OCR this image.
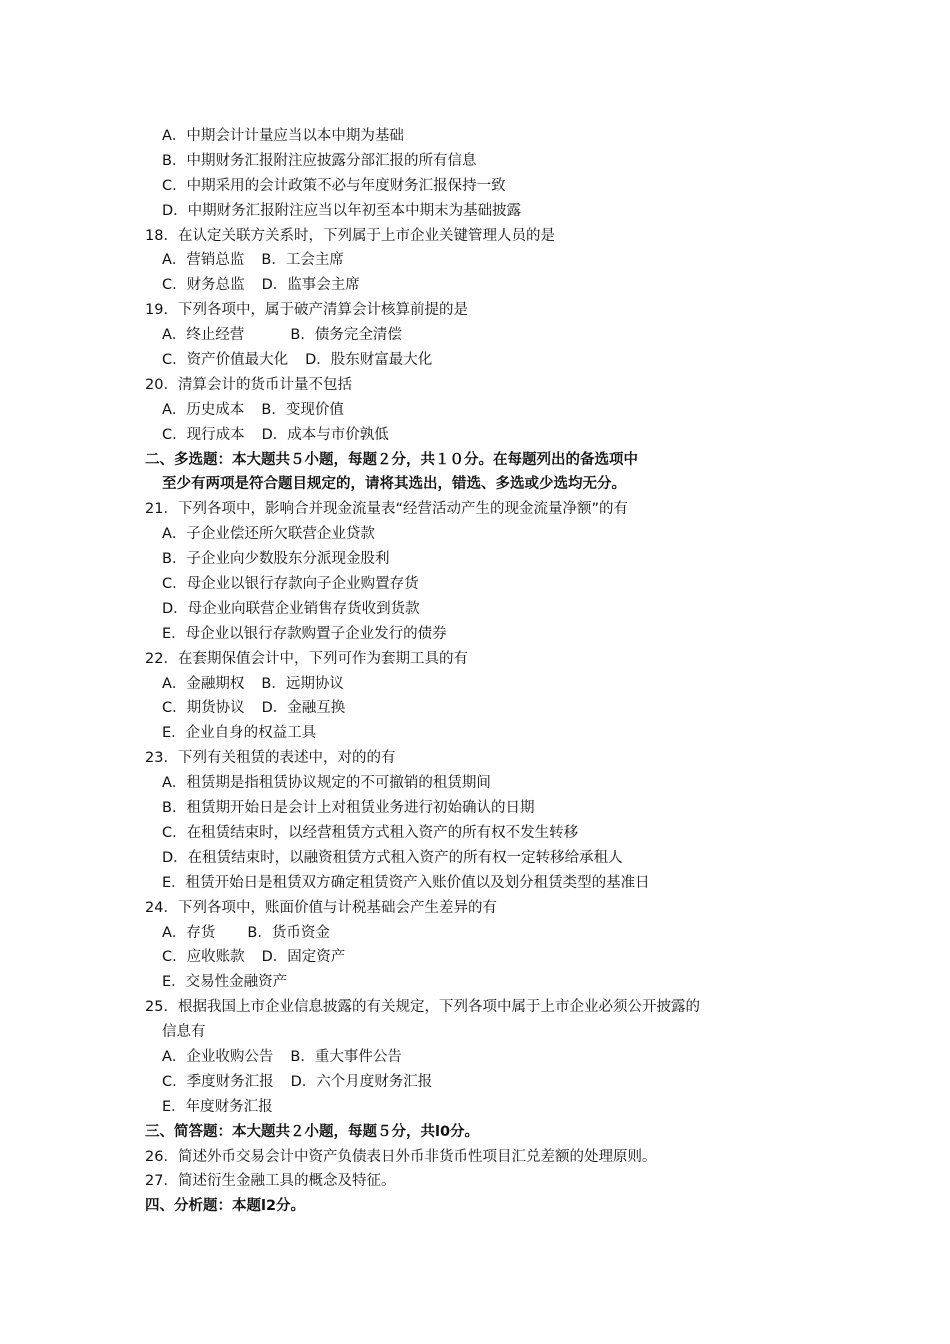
A．中期会计计量应当以本中期为基础
B．中期财务汇报附注应披露分部汇报的所有信息
C．中期采用的会计政策不必与年度财务汇报保持一致
D．中期财务汇报附注应当以年初至本中期末为基础披露
18．在认定关联方关系时，下列属于上市企业关键管理人员的是
A．营销总监 B．工会主席
C．财务总监 D．监事会主席
19．下列各项中，属于破产清算会计核算前提的是
A．终止经营	B．债务完全清偿
C．资产价值最大化 D．股东财富最大化
20．清算会计的货币计量不包括
A．历史成本 B．变现价值
C．现行成本 D．成本与市价孰低
二、多选题：本大题共５小题，每题２分，共１０分。在每题列出的备选项中
至少有两项是符合题目规定的，请将其选出，错选、多选或少选均无分。
21．下列各项中，影响合并现金流量表“经营活动产生的现金流量净额”的有
A．子企业偿还所欠联营企业贷款
B．子企业向少数股东分派现金股利
C．母企业以银行存款向子企业购置存货
D．母企业向联营企业销售存货收到货款
E．母企业以银行存款购置子企业发行的债券
22．在套期保值会计中，下列可作为套期工具的有
A．金融期权 B．远期协议
C．期货协议 D．金融互换
E．企业自身的权益工具
23．下列有关租赁的表述中，对的的有
A．租赁期是指租赁协议规定的不可撤销的租赁期间
B．租赁期开始日是会计上对租赁业务进行初始确认的日期
C．在租赁结束时，以经营租赁方式租入资产的所有权不发生转移
D．在租赁结束时，以融资租赁方式租入资产的所有权一定转移给承租人
E．租赁开始日是租赁双方确定租赁资产入账价值以及划分租赁类型的基准日
24．下列各项中，账面价值与计税基础会产生差异的有
A．存货 B．货币资金
C．应收账款 D．固定资产
E．交易性金融资产
25．根据我国上市企业信息披露的有关规定，下列各项中属于上市企业必须公开披露的
信息有
A．企业收购公告 B．重大事件公告
C．季度财务汇报 D．六个月度财务汇报
E．年度财务汇报
三、简答题：本大题共２小题，每题５分，共l0分。
26．简述外币交易会计中资产负债表日外币非货币性项目汇兑差额的处理原则。
27．简述衍生金融工具的概念及特征。
四、分析题：本题l2分。
